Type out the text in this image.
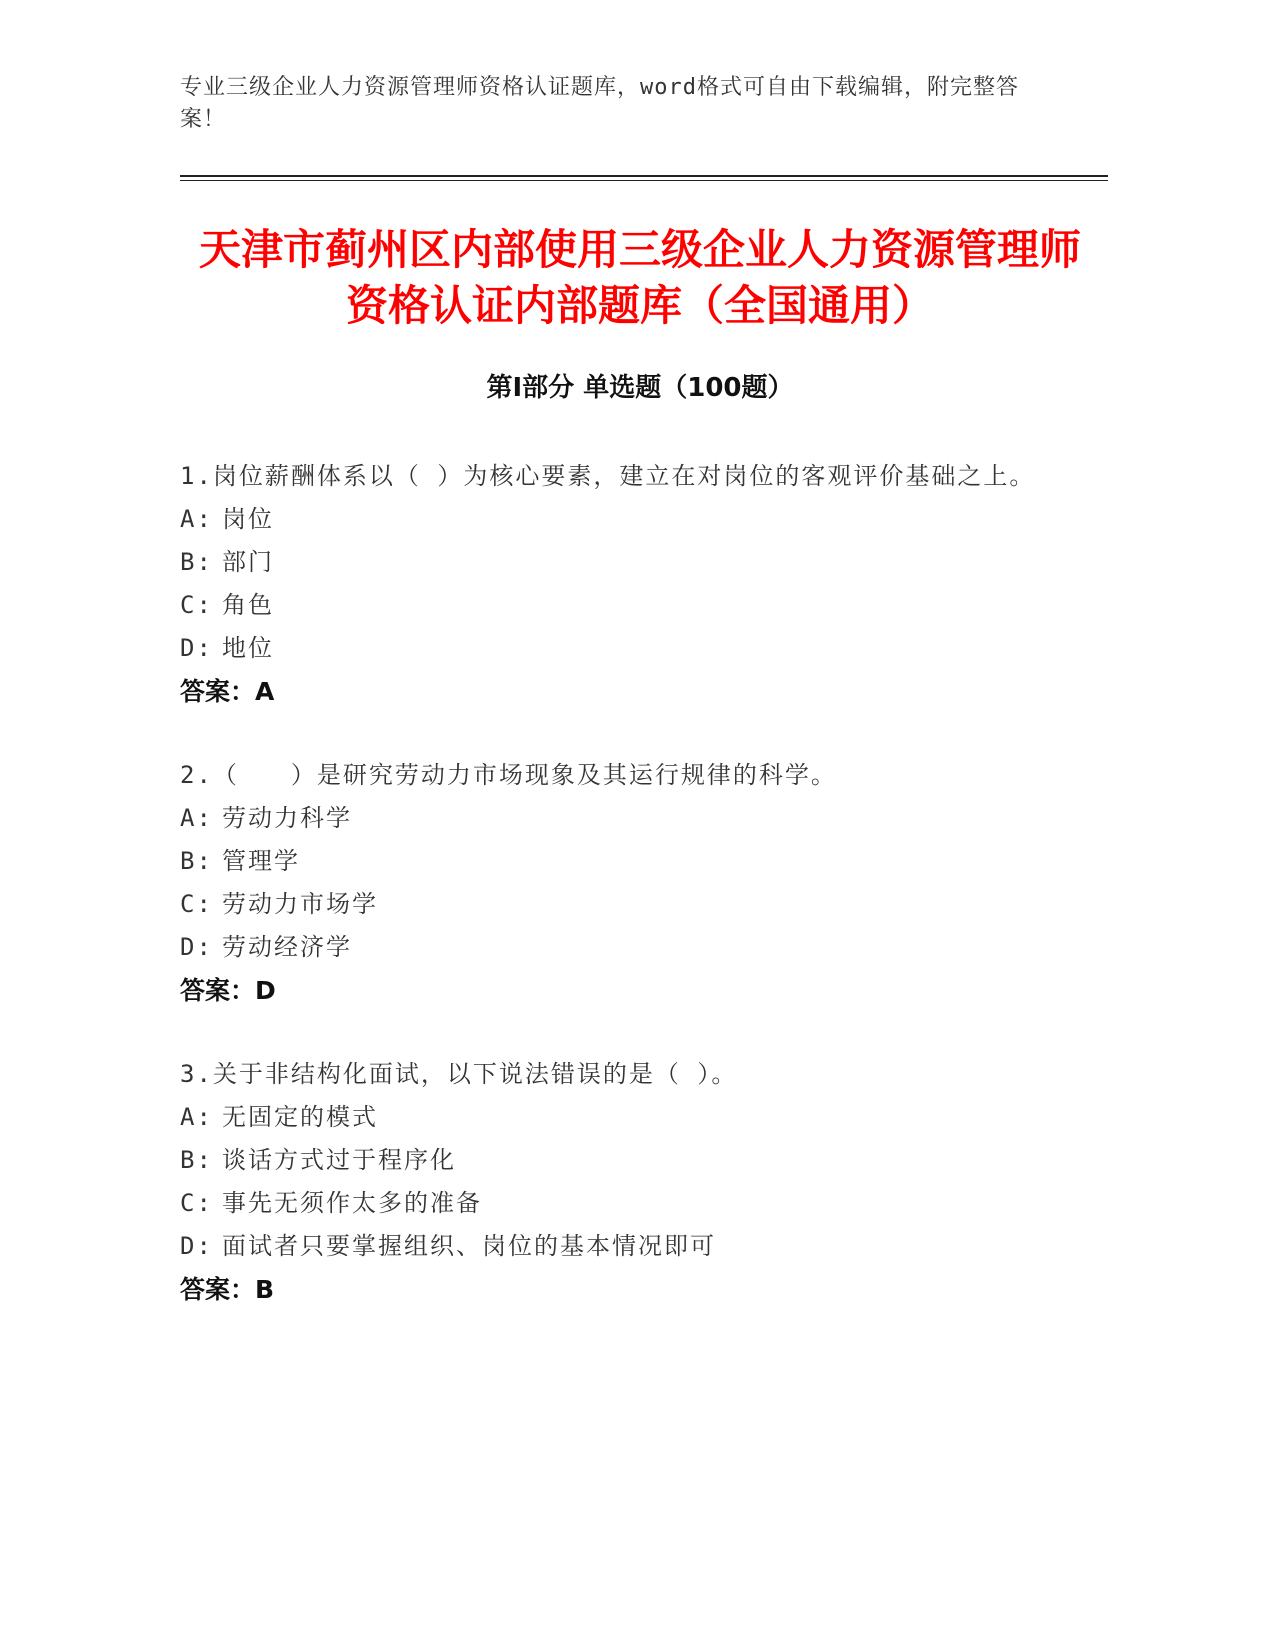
专业三级企业人力资源管理师资格认证题库，word格式可自由下载编辑，附完整答案！
天津市蓟州区内部使用三级企业人力资源管理师资格认证内部题库（全国通用）
第I部分 单选题（100题）
1.岗位薪酬体系以（ ）为核心要素，建立在对岗位的客观评价基础之上。
A: 岗位
B: 部门
C: 角色
D: 地位
答案：A
2.（　　）是研究劳动力市场现象及其运行规律的科学。
A: 劳动力科学
B: 管理学
C: 劳动力市场学
D: 劳动经济学
答案：D
3.关于非结构化面试，以下说法错误的是（ ）。
A: 无固定的模式
B: 谈话方式过于程序化
C: 事先无须作太多的准备
D: 面试者只要掌握组织、岗位的基本情况即可
答案：B
